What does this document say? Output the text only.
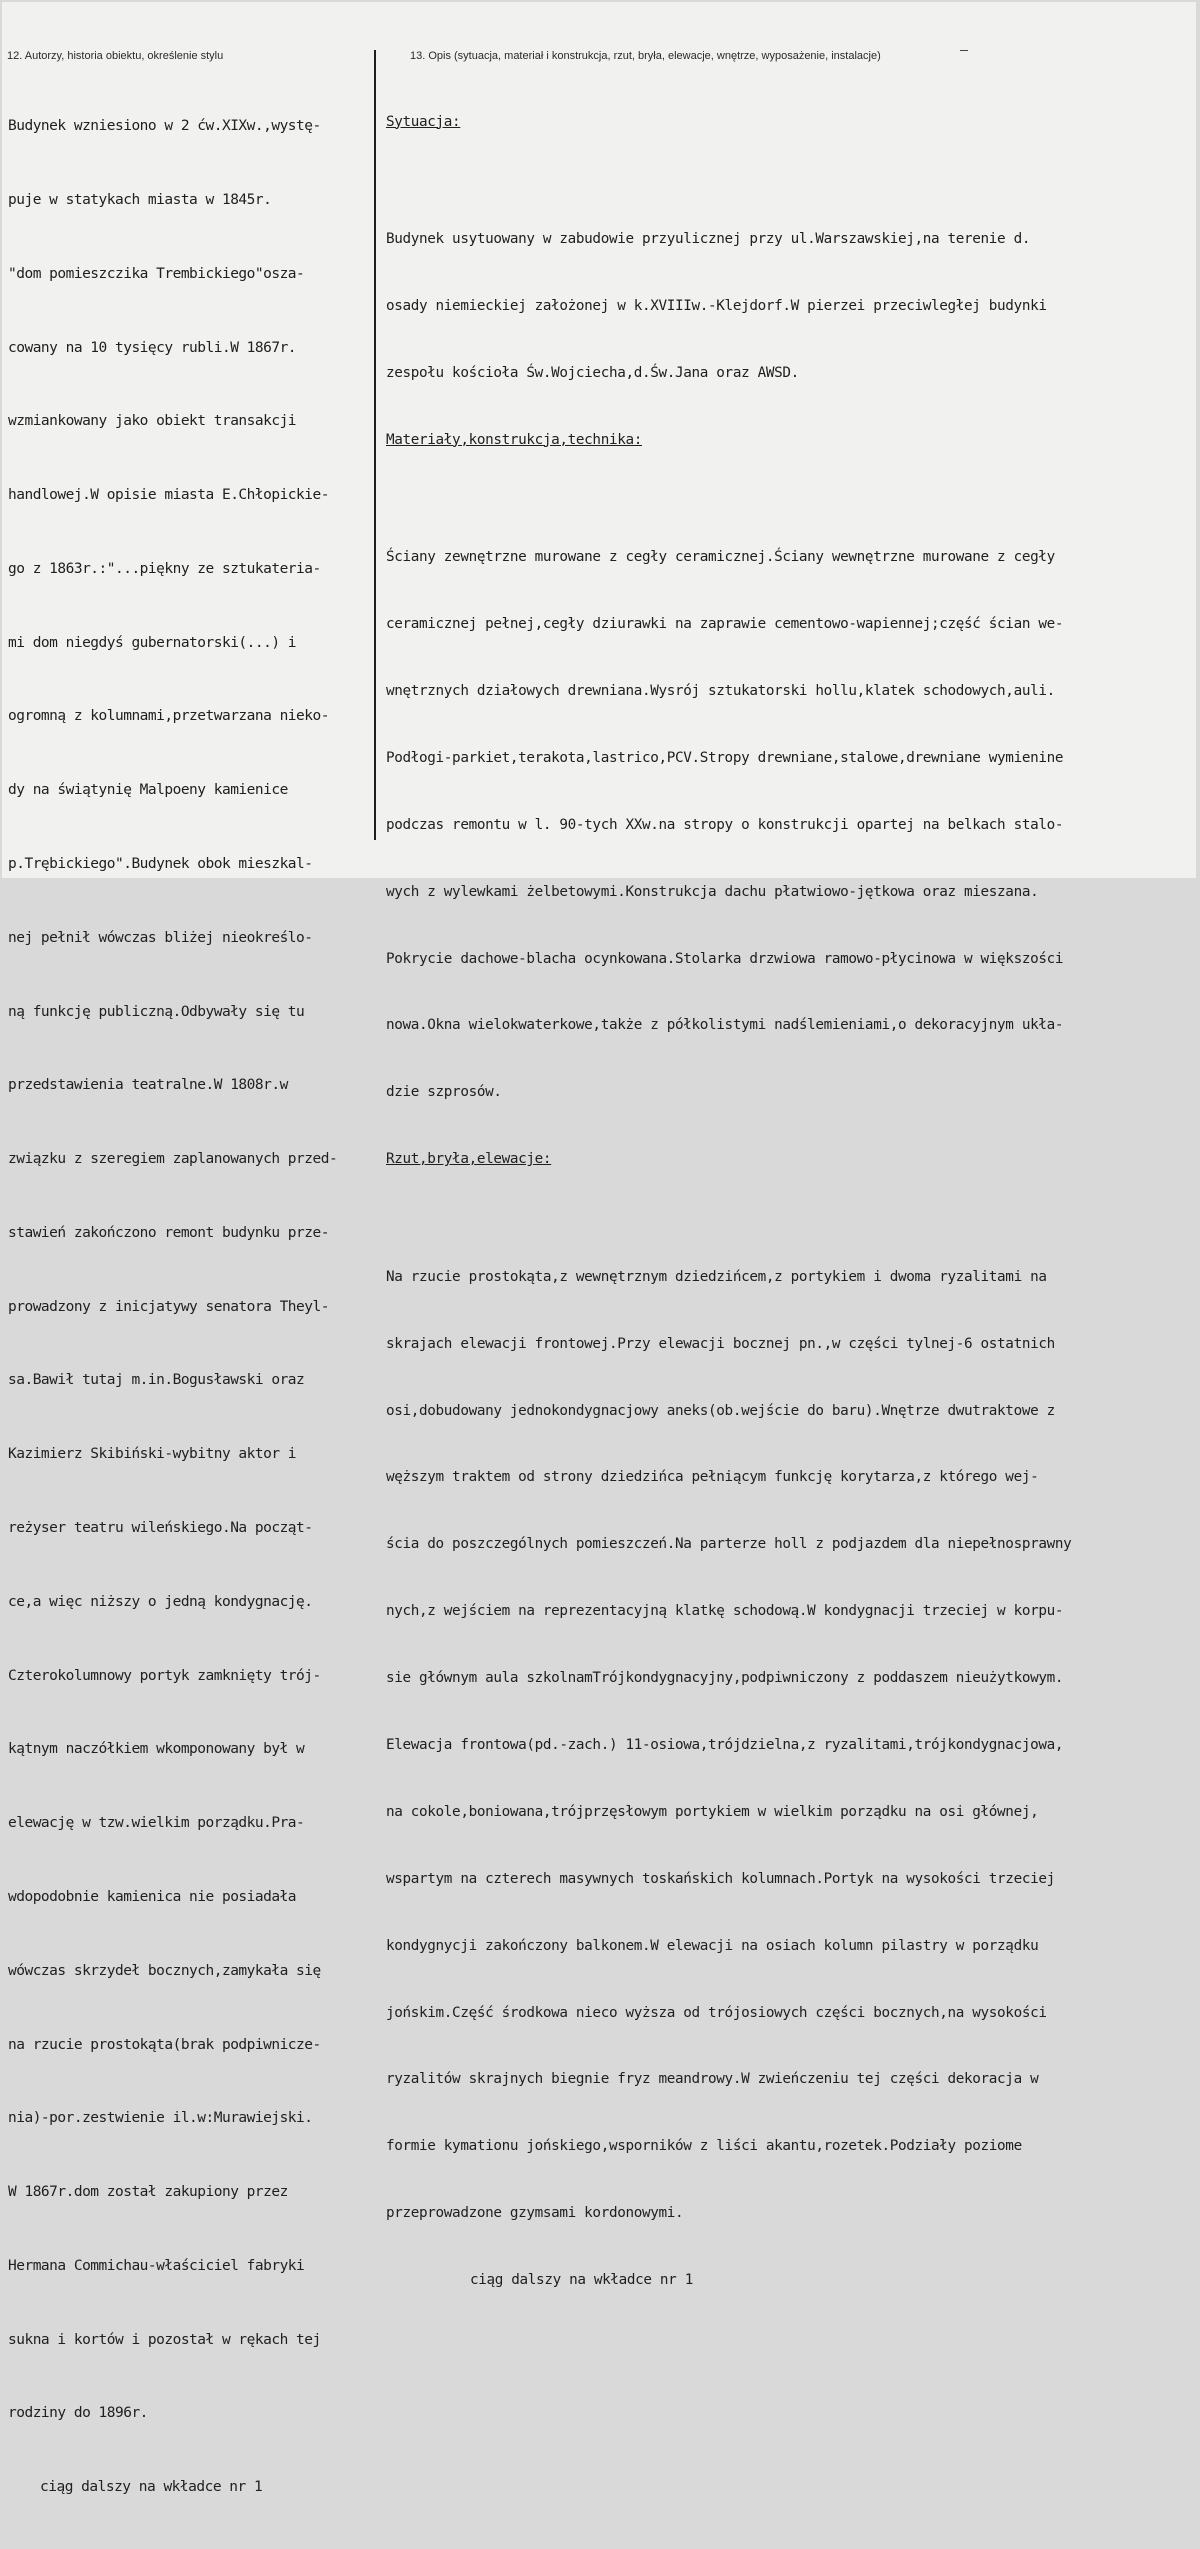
12. Autorzy, historia obiektu, określenie stylu	13. Opis (sytuacja, materiał i konstrukcja, rzut, bryła, elewacje, wnętrze, wyposażenie, instalacje)

Budynek wzniesiono w 2 ćw.XIXw.,wystę-

puje w statykach miasta w 1845r.

"dom pomieszczika Trembickiego"osza-

cowany na 10 tysięcy rubli.W 1867r.

wzmiankowany jako obiekt transakcji

handlowej.W opisie miasta E.Chłopickie-

go z 1863r.:"...piękny ze sztukateria-

mi dom niegdyś gubernatorski(...) i

ogromną z kolumnami,przetwarzana nieko-

dy na świątynię Malpoeny kamienice

p.Trębickiego".Budynek obok mieszkal-

nej pełnił wówczas bliżej nieokreślo-

ną funkcję publiczną.Odbywały się tu

przedstawienia teatralne.W 1808r.w

związku z szeregiem zaplanowanych przed-

stawień zakończono remont budynku prze-

prowadzony z inicjatywy senatora Theyl-

sa.Bawił tutaj m.in.Bogusławski oraz

Kazimierz Skibiński-wybitny aktor i

reżyser teatru wileńskiego.Na począt-

ce,a więc niższy o jedną kondygnację.

Czterokolumnowy portyk zamknięty trój-

kątnym naczółkiem wkomponowany był w

elewację w tzw.wielkim porządku.Pra-

wdopodobnie kamienica nie posiadała

wówczas skrzydeł bocznych,zamykała się

na rzucie prostokąta(brak podpiwnicze-

nia)-por.zestwienie il.w:Murawiejski.

W 1867r.dom został zakupiony przez

Hermana Commichau-właściciel fabryki

sukna i kortów i pozostał w rękach tej

rodziny do 1896r.

ciąg dalszy na wkładce nr 1

Sytuacja:

Budynek usytuowany w zabudowie przyulicznej przy ul.Warszawskiej,na terenie d.

osady niemieckiej założonej w k.XVIIIw.-Klejdorf.W pierzei przeciwległej budynki

zespołu kościoła Św.Wojciecha,d.Św.Jana oraz AWSD.

Materiały,konstrukcja,technika:

Ściany zewnętrzne murowane z cegły ceramicznej.Ściany wewnętrzne murowane z cegły

ceramicznej pełnej,cegły dziurawki na zaprawie cementowo-wapiennej;część ścian we-

wnętrznych działowych drewniana.Wysrój sztukatorski hollu,klatek schodowych,auli.

Podłogi-parkiet,terakota,lastrico,PCV.Stropy drewniane,stalowe,drewniane wymienine

podczas remontu w l. 90-tych XXw.na stropy o konstrukcji opartej na belkach stalo-

wych z wylewkami żelbetowymi.Konstrukcja dachu płatwiowo-jętkowa oraz mieszana.

Pokrycie dachowe-blacha ocynkowana.Stolarka drzwiowa ramowo-płycinowa w większości

nowa.Okna wielokwaterkowe,także z półkolistymi nadślemieniami,o dekoracyjnym ukła-

dzie szprosów.

Rzut,bryła,elewacje:

Na rzucie prostokąta,z wewnętrznym dziedzińcem,z portykiem i dwoma ryzalitami na

skrajach elewacji frontowej.Przy elewacji bocznej pn.,w części tylnej-6 ostatnich

osi,dobudowany jednokondygnacjowy aneks(ob.wejście do baru).Wnętrze dwutraktowe z

węższym traktem od strony dziedzińca pełniącym funkcję korytarza,z którego wej-

ścia do poszczególnych pomieszczeń.Na parterze holl z podjazdem dla niepełnosprawny

nych,z wejściem na reprezentacyjną klatkę schodową.W kondygnacji trzeciej w korpu-

sie głównym aula szkolnamTrójkondygnacyjny,podpiwniczony z poddaszem nieużytkowym.

Elewacja frontowa(pd.-zach.) 11-osiowa,trójdzielna,z ryzalitami,trójkondygnacjowa,

na cokole,boniowana,trójprzęsłowym portykiem w wielkim porządku na osi głównej,

wspartym na czterech masywnych toskańskich kolumnach.Portyk na wysokości trzeciej

kondygnycji zakończony balkonem.W elewacji na osiach kolumn pilastry w porządku

jońskim.Część środkowa nieco wyższa od trójosiowych części bocznych,na wysokości

ryzalitów skrajnych biegnie fryz meandrowy.W zwieńczeniu tej części dekoracja w

formie kymationu jońskiego,wsporników z liści akantu,rozetek.Podziały poziome

przeprowadzone gzymsami kordonowymi.

ciąg dalszy na wkładce nr 1
